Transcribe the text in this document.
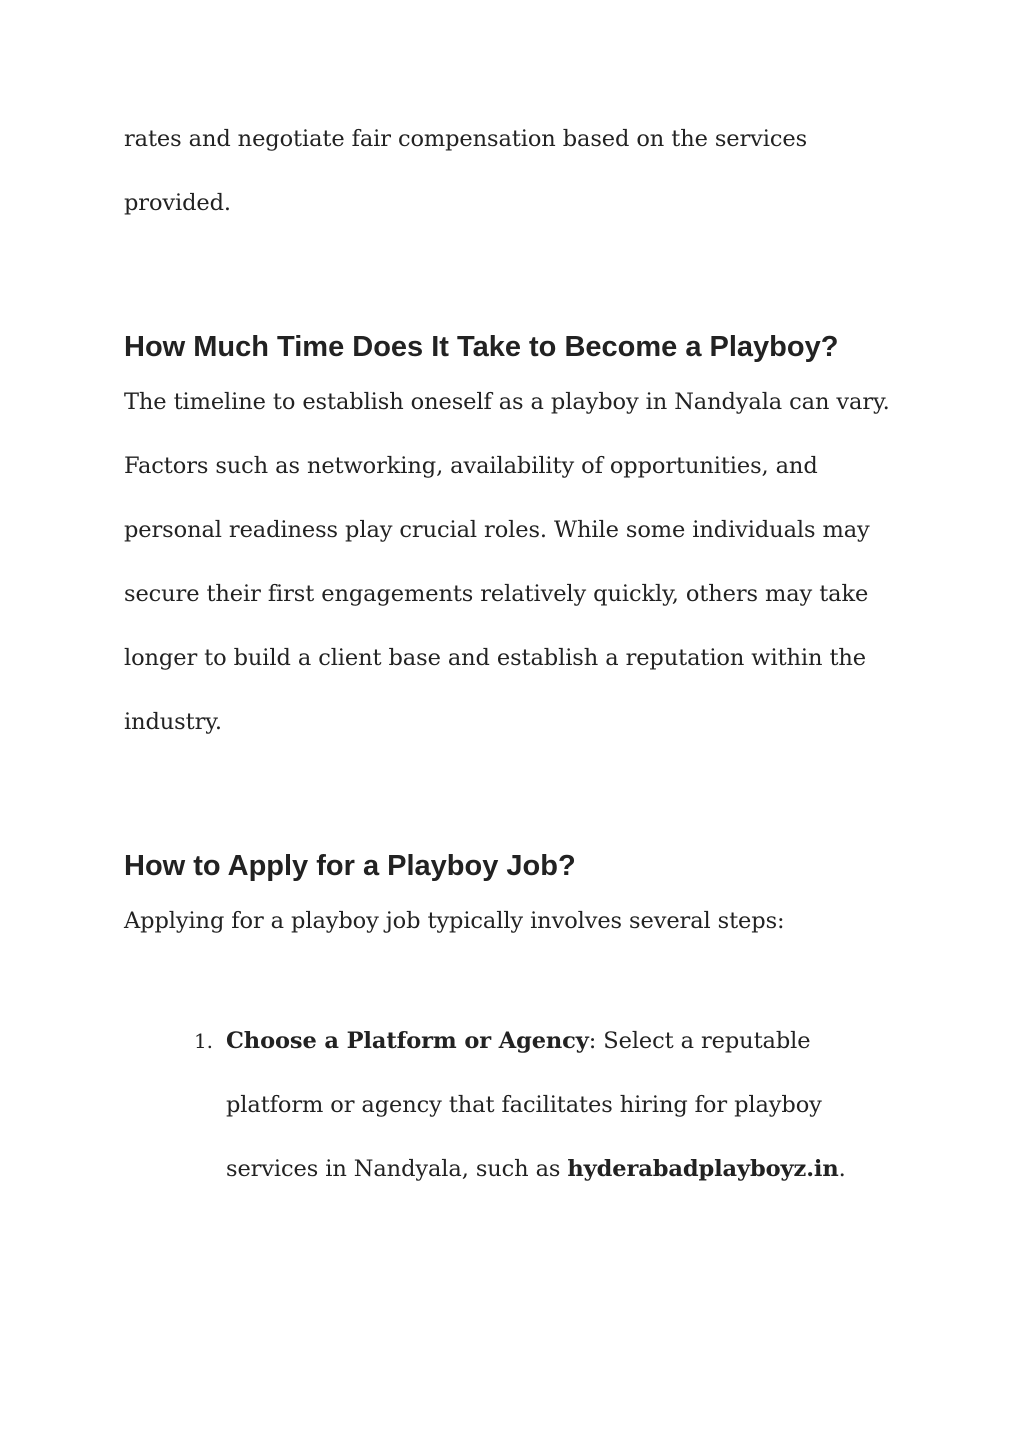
rates and negotiate fair compensation based on the services
provided.

How Much Time Does It Take to Become a Playboy?

The timeline to establish oneself as a playboy in Nandyala can vary.
Factors such as networking, availability of opportunities, and
personal readiness play crucial roles. While some individuals may
secure their first engagements relatively quickly, others may take
longer to build a client base and establish a reputation within the
industry.

How to Apply for a Playboy Job?

Applying for a playboy job typically involves several steps:

1. Choose a Platform or Agency: Select a reputable
platform or agency that facilitates hiring for playboy
services in Nandyala, such as hyderabadplayboyz.in.
